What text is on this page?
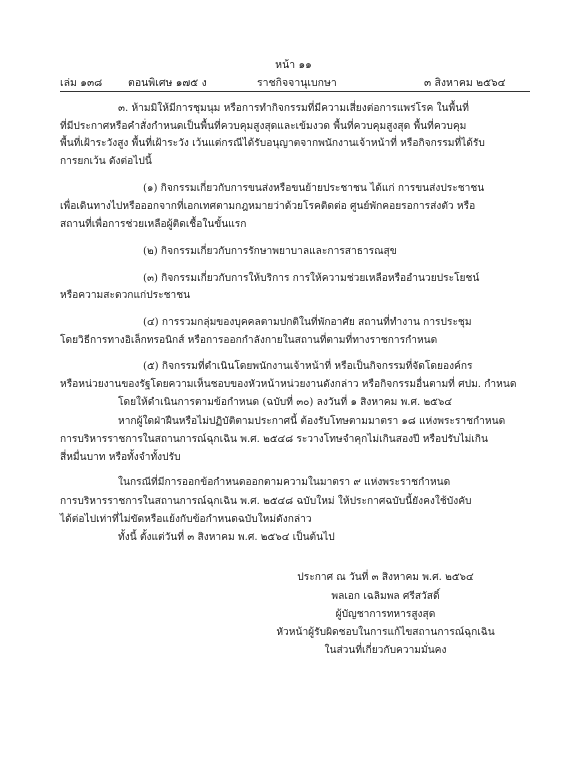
หน้า ๑๑
เล่ม ๑๓๘ ตอนพิเศษ ๑๗๕ ง	ราชกิจจานุเบกษา	๓ สิงหาคม ๒๕๖๔
๓. ห้ามมิให้มีการชุมนุม หรือการทำกิจกรรมที่มีความเสี่ยงต่อการแพร่โรค ในพื้นที่
ที่มีประกาศหรือคำสั่งกำหนดเป็นพื้นที่ควบคุมสูงสุดและเข้มงวด พื้นที่ควบคุมสูงสุด พื้นที่ควบคุม
พื้นที่เฝ้าระวังสูง พื้นที่เฝ้าระวัง เว้นแต่กรณีได้รับอนุญาตจากพนักงานเจ้าหน้าที่ หรือกิจกรรมที่ได้รับ
การยกเว้น ดังต่อไปนี้
(๑) กิจกรรมเกี่ยวกับการขนส่งหรือขนย้ายประชาชน ได้แก่ การขนส่งประชาชน
เพื่อเดินทางไปหรือออกจากที่เอกเทศตามกฎหมายว่าด้วยโรคติดต่อ ศูนย์พักคอยรอการส่งตัว หรือ
สถานที่เพื่อการช่วยเหลือผู้ติดเชื้อในขั้นแรก
(๒) กิจกรรมเกี่ยวกับการรักษาพยาบาลและการสาธารณสุข
(๓) กิจกรรมเกี่ยวกับการให้บริการ การให้ความช่วยเหลือหรืออำนวยประโยชน์
หรือความสะดวกแก่ประชาชน
(๔) การรวมกลุ่มของบุคคลตามปกติในที่พักอาศัย สถานที่ทำงาน การประชุม
โดยวิธีการทางอิเล็กทรอนิกส์ หรือการออกกำลังกายในสถานที่ตามที่ทางราชการกำหนด
(๕) กิจกรรมที่ดำเนินโดยพนักงานเจ้าหน้าที่ หรือเป็นกิจกรรมที่จัดโดยองค์กร
หรือหน่วยงานของรัฐโดยความเห็นชอบของหัวหน้าหน่วยงานดังกล่าว หรือกิจกรรมอื่นตามที่ ศปม. กำหนด
โดยให้ดำเนินการตามข้อกำหนด (ฉบับที่ ๓๐) ลงวันที่ ๑ สิงหาคม พ.ศ. ๒๕๖๔
หากผู้ใดฝ่าฝืนหรือไม่ปฏิบัติตามประกาศนี้ ต้องรับโทษตามมาตรา ๑๘ แห่งพระราชกำหนด
การบริหารราชการในสถานการณ์ฉุกเฉิน พ.ศ. ๒๕๔๘ ระวางโทษจำคุกไม่เกินสองปี หรือปรับไม่เกิน
สี่หมื่นบาท หรือทั้งจำทั้งปรับ
ในกรณีที่มีการออกข้อกำหนดออกตามความในมาตรา ๙ แห่งพระราชกำหนด
การบริหารราชการในสถานการณ์ฉุกเฉิน พ.ศ. ๒๕๔๘ ฉบับใหม่ ให้ประกาศฉบับนี้ยังคงใช้บังคับ
ได้ต่อไปเท่าที่ไม่ขัดหรือแย้งกับข้อกำหนดฉบับใหม่ดังกล่าว
ทั้งนี้ ตั้งแต่วันที่ ๓ สิงหาคม พ.ศ. ๒๕๖๔ เป็นต้นไป
ประกาศ ณ วันที่ ๓ สิงหาคม พ.ศ. ๒๕๖๔
พลเอก เฉลิมพล ศรีสวัสดิ์
ผู้บัญชาการทหารสูงสุด
หัวหน้าผู้รับผิดชอบในการแก้ไขสถานการณ์ฉุกเฉิน
ในส่วนที่เกี่ยวกับความมั่นคง
